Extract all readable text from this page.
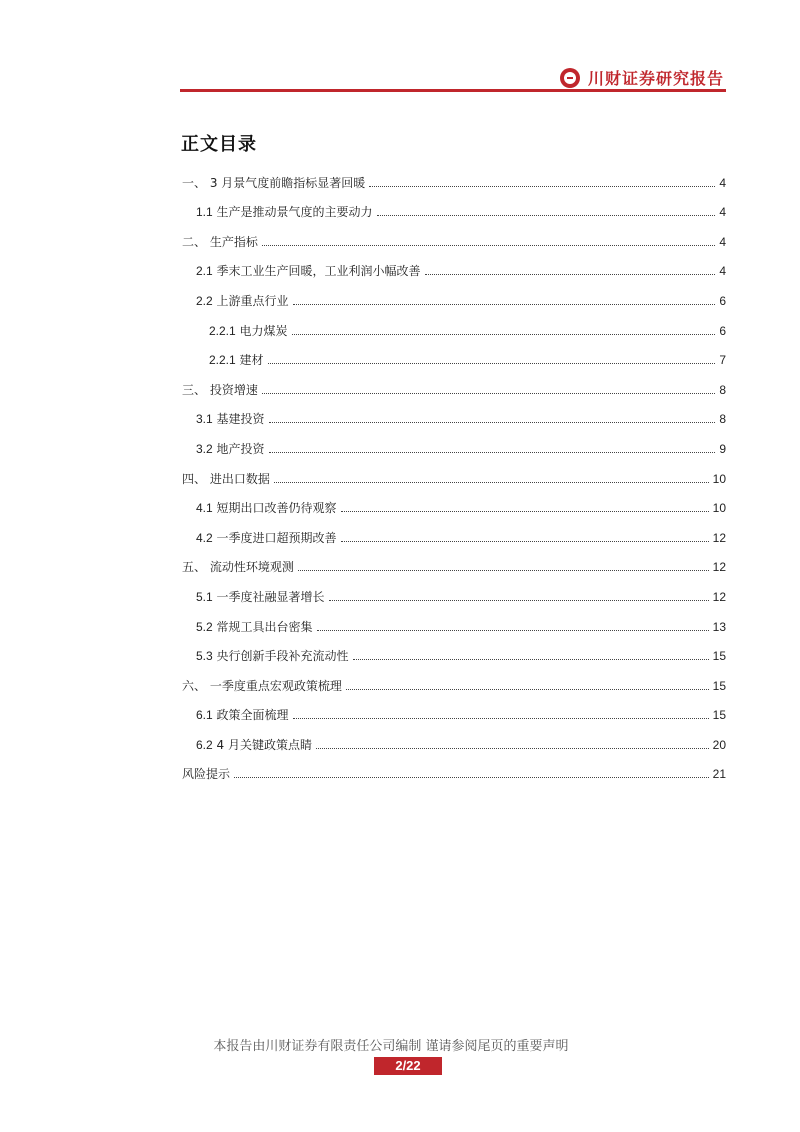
川财证券研究报告
正文目录
一、 3 月景气度前瞻指标显著回暖	4
1.1 生产是推动景气度的主要动力	4
二、 生产指标	4
2.1 季末工业生产回暖，工业利润小幅改善	4
2.2 上游重点行业	6
2.2.1 电力煤炭	6
2.2.1 建材	7
三、 投资增速	8
3.1 基建投资	8
3.2 地产投资	9
四、 进出口数据	10
4.1 短期出口改善仍待观察	10
4.2 一季度进口超预期改善	12
五、 流动性环境观测	12
5.1 一季度社融显著增长	12
5.2 常规工具出台密集	13
5.3 央行创新手段补充流动性	15
六、 一季度重点宏观政策梳理	15
6.1 政策全面梳理	15
6.2 4 月关键政策点睛	20
风险提示	21
本报告由川财证券有限责任公司编制 谨请参阅尾页的重要声明
2/22
